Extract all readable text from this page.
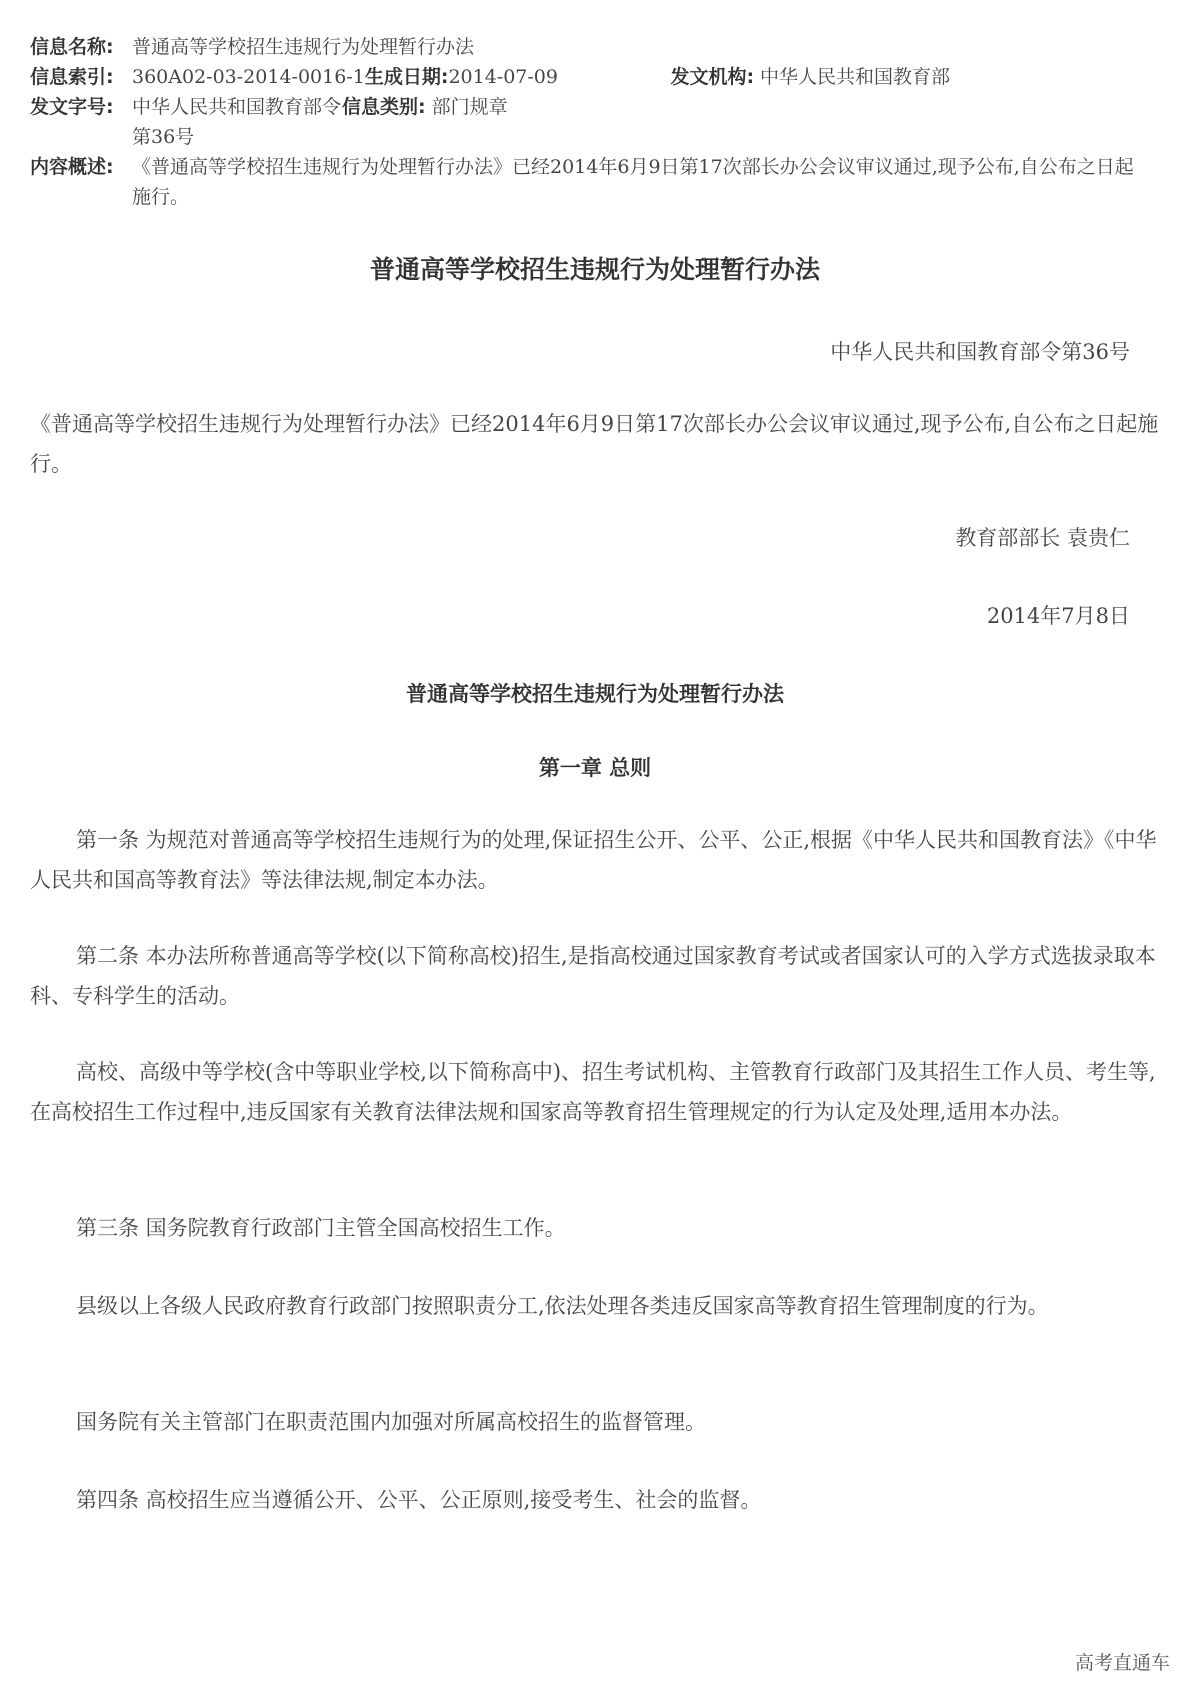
信息名称: 普通高等学校招生违规行为处理暂行办法
信息索引: 360A02-03-2014-0016-1 生成日期: 2014-07-09	发文机构: 中华人民共和国教育部
发文字号: 中华人民共和国教育部令第36号
信息类别: 部门规章
内容概述: 《普通高等学校招生违规行为处理暂行办法》已经2014年6月9日第17次部长办公会议审议通过,现予公布,自公布之日起施行。
普通高等学校招生违规行为处理暂行办法
中华人民共和国教育部令第36号
《普通高等学校招生违规行为处理暂行办法》已经2014年6月9日第17次部长办公会议审议通过,现予公布,自公布之日起施行。
教育部部长 袁贵仁
2014年7月8日
普通高等学校招生违规行为处理暂行办法
第一章 总则
第一条 为规范对普通高等学校招生违规行为的处理,保证招生公开、公平、公正,根据《中华人民共和国教育法》《中华人民共和国高等教育法》等法律法规,制定本办法。
第二条 本办法所称普通高等学校(以下简称高校)招生,是指高校通过国家教育考试或者国家认可的入学方式选拔录取本科、专科学生的活动。
高校、高级中等学校(含中等职业学校,以下简称高中)、招生考试机构、主管教育行政部门及其招生工作人员、考生等,在高校招生工作过程中,违反国家有关教育法律法规和国家高等教育招生管理规定的行为认定及处理,适用本办法。
第三条 国务院教育行政部门主管全国高校招生工作。
县级以上各级人民政府教育行政部门按照职责分工,依法处理各类违反国家高等教育招生管理制度的行为。
国务院有关主管部门在职责范围内加强对所属高校招生的监督管理。
第四条 高校招生应当遵循公开、公平、公正原则,接受考生、社会的监督。
高考直通车
